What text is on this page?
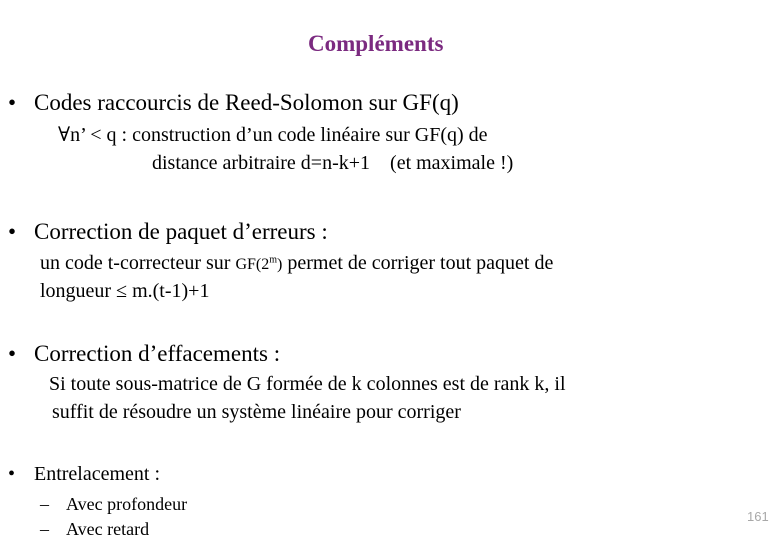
Compléments
• Codes raccourcis de Reed-Solomon sur GF(q)
∀n’ < q : construction d’un code linéaire sur GF(q) de
distance arbitraire d=n-k+1    (et maximale !)
• Correction de paquet d’erreurs :
un code t-correcteur sur GF(2$^m$) permet de corriger tout paquet de
longueur ≤ m.(t-1)+1
• Correction d’effacements :
Si toute sous-matrice de G formée de k colonnes est de rank k, il
suffit de résoudre un système linéaire pour corriger
• Entrelacement :
– Avec profondeur
– Avec retard
161
